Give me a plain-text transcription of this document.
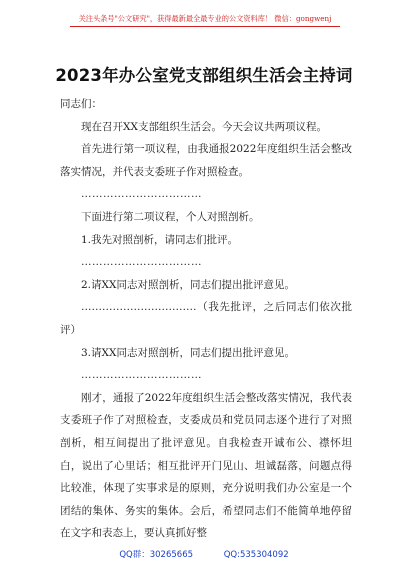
关注头条号"公文研究"，获得最新最全最专业的公文资料库！ 微信：gongwenj
2023年办公室党支部组织生活会主持词

同志们：

现在召开XX支部组织生活会。今天会议共两项议程。

首先进行第一项议程，由我通报2022年度组织生活会整改落实情况，并代表支委班子作对照检查。

……………………………

下面进行第二项议程，个人对照剖析。

1.我先对照剖析，请同志们批评。

……………………………

2.请XX同志对照剖析，同志们提出批评意见。

……………………………（我先批评，之后同志们依次批评）

3.请XX同志对照剖析，同志们提出批评意见。

……………………………

刚才，通报了2022年度组织生活会整改落实情况，我代表支委班子作了对照检查，支委成员和党员同志逐个进行了对照剖析，相互间提出了批评意见。自我检查开诚布公、襟怀坦白，说出了心里话；相互批评开门见山、坦诚磊落，问题点得比较准，体现了实事求是的原则，充分说明我们办公室是一个团结的集体、务实的集体。会后，希望同志们不能简单地停留在文字和表态上，要认真抓好整

QQ群：30265665	QQ:535304092
